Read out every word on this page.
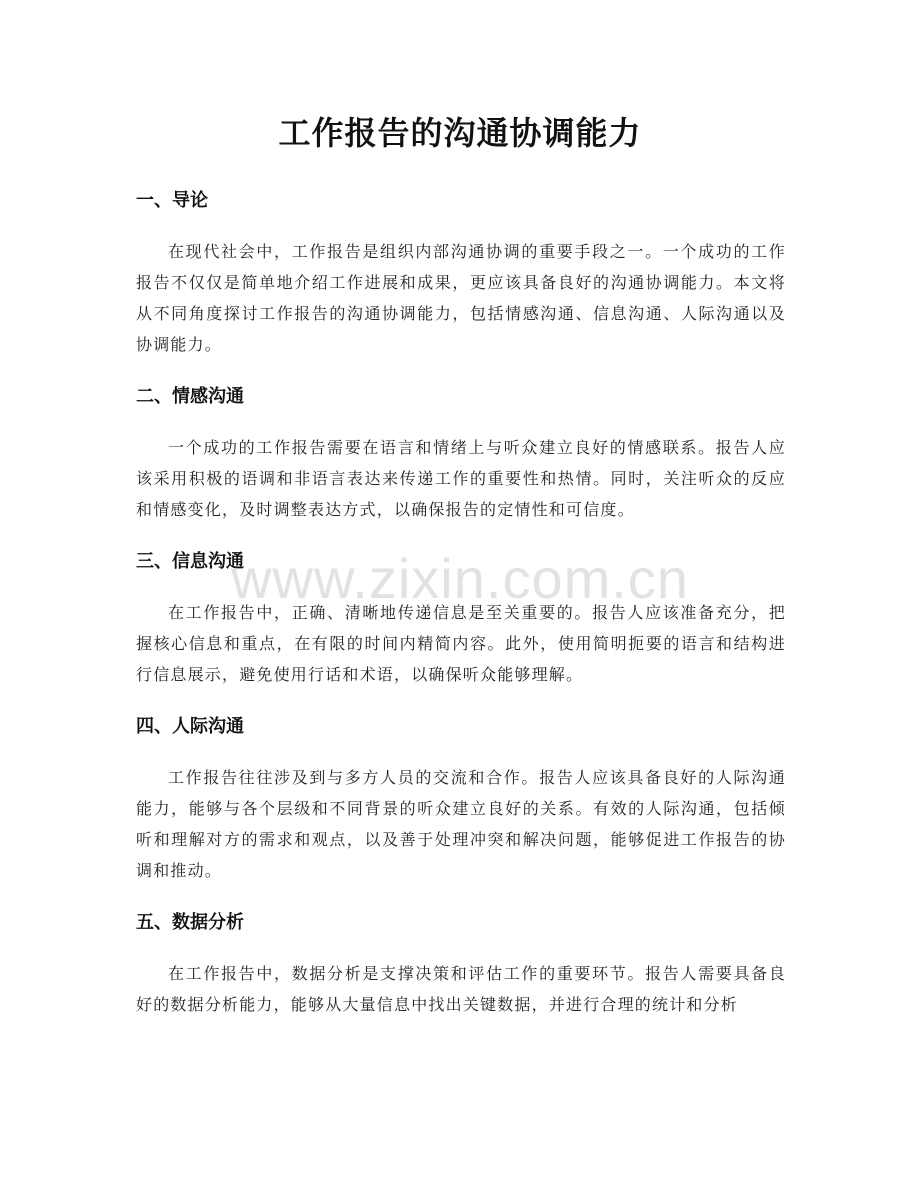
www.zixin.com.cn
工作报告的沟通协调能力
一、导论

在现代社会中，工作报告是组织内部沟通协调的重要手段之一。一个成功的工作报告不仅仅是简单地介绍工作进展和成果，更应该具备良好的沟通协调能力。本文将从不同角度探讨工作报告的沟通协调能力，包括情感沟通、信息沟通、人际沟通以及协调能力。

二、情感沟通

一个成功的工作报告需要在语言和情绪上与听众建立良好的情感联系。报告人应该采用积极的语调和非语言表达来传递工作的重要性和热情。同时，关注听众的反应和情感变化，及时调整表达方式，以确保报告的定情性和可信度。

三、信息沟通

在工作报告中，正确、清晰地传递信息是至关重要的。报告人应该准备充分，把握核心信息和重点，在有限的时间内精简内容。此外，使用简明扼要的语言和结构进行信息展示，避免使用行话和术语，以确保听众能够理解。

四、人际沟通

工作报告往往涉及到与多方人员的交流和合作。报告人应该具备良好的人际沟通能力，能够与各个层级和不同背景的听众建立良好的关系。有效的人际沟通，包括倾听和理解对方的需求和观点，以及善于处理冲突和解决问题，能够促进工作报告的协调和推动。

五、数据分析

在工作报告中，数据分析是支撑决策和评估工作的重要环节。报告人需要具备良好的数据分析能力，能够从大量信息中找出关键数据，并进行合理的统计和分析
